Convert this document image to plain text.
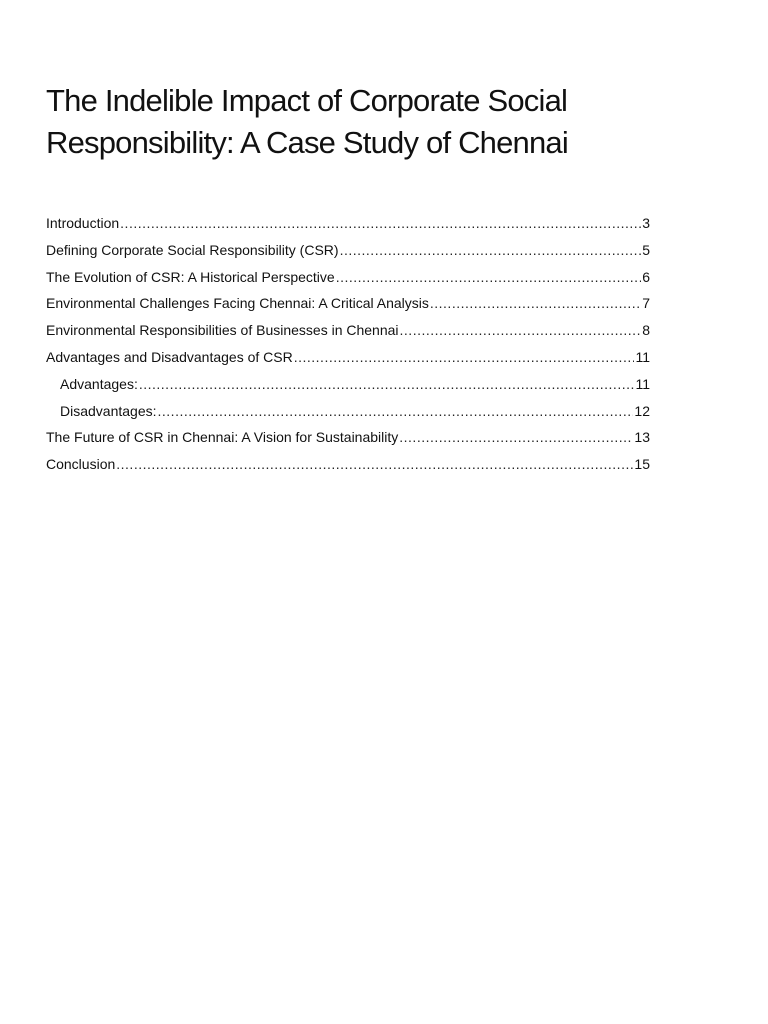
The Indelible Impact of Corporate Social
Responsibility: A Case Study of Chennai
Introduction .....	3
Defining Corporate Social Responsibility (CSR) .....	5
The Evolution of CSR: A Historical Perspective .....	6
Environmental Challenges Facing Chennai: A Critical Analysis .....	7
Environmental Responsibilities of Businesses in Chennai .....	8
Advantages and Disadvantages of CSR .....	11
Advantages: .....	11
Disadvantages: .....	12
The Future of CSR in Chennai: A Vision for Sustainability .....	13
Conclusion .....	15
